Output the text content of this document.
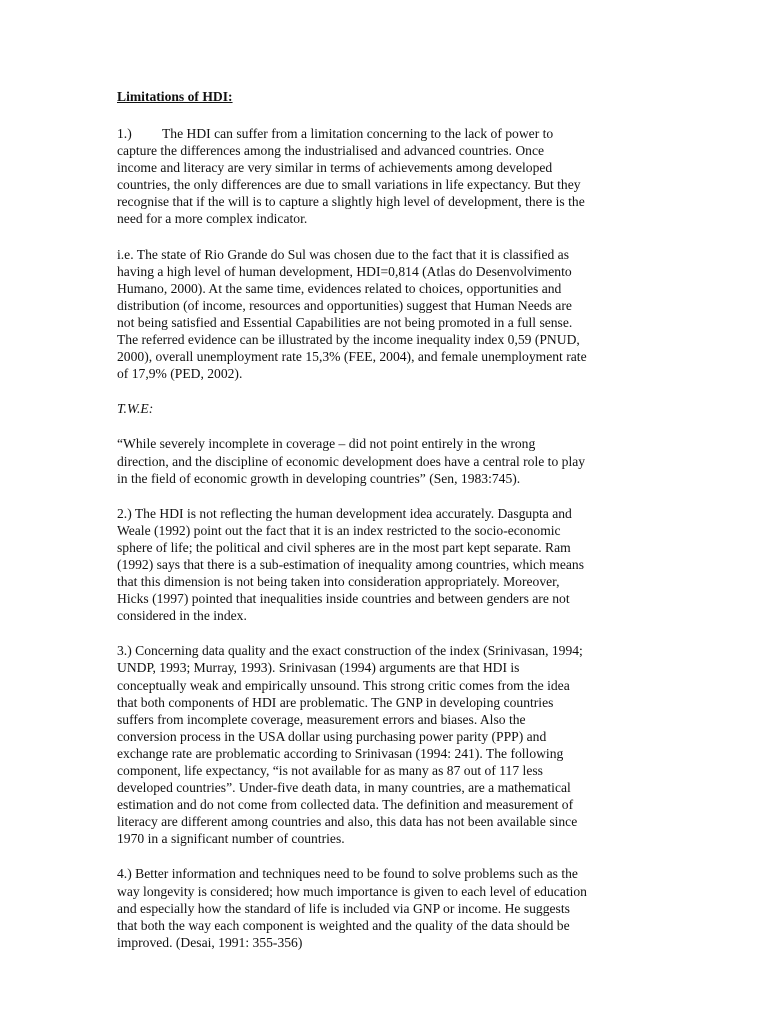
Limitations of HDI:
1.) The HDI can suffer from a limitation concerning to the lack of power to
capture the differences among the industrialised and advanced countries. Once
income and literacy are very similar in terms of achievements among developed
countries, the only differences are due to small variations in life expectancy. But they
recognise that if the will is to capture a slightly high level of development, there is the
need for a more complex indicator.
i.e. The state of Rio Grande do Sul was chosen due to the fact that it is classified as
having a high level of human development, HDI=0,814 (Atlas do Desenvolvimento
Humano, 2000). At the same time, evidences related to choices, opportunities and
distribution (of income, resources and opportunities) suggest that Human Needs are
not being satisfied and Essential Capabilities are not being promoted in a full sense.
The referred evidence can be illustrated by the income inequality index 0,59 (PNUD,
2000), overall unemployment rate 15,3% (FEE, 2004), and female unemployment rate
of 17,9% (PED, 2002).
T.W.E:
“While severely incomplete in coverage – did not point entirely in the wrong
direction, and the discipline of economic development does have a central role to play
in the field of economic growth in developing countries” (Sen, 1983:745).
2.) The HDI is not reflecting the human development idea accurately. Dasgupta and
Weale (1992) point out the fact that it is an index restricted to the socio-economic
sphere of life; the political and civil spheres are in the most part kept separate. Ram
(1992) says that there is a sub-estimation of inequality among countries, which means
that this dimension is not being taken into consideration appropriately. Moreover,
Hicks (1997) pointed that inequalities inside countries and between genders are not
considered in the index.
3.) Concerning data quality and the exact construction of the index (Srinivasan, 1994;
UNDP, 1993; Murray, 1993). Srinivasan (1994) arguments are that HDI is
conceptually weak and empirically unsound. This strong critic comes from the idea
that both components of HDI are problematic. The GNP in developing countries
suffers from incomplete coverage, measurement errors and biases. Also the
conversion process in the USA dollar using purchasing power parity (PPP) and
exchange rate are problematic according to Srinivasan (1994: 241). The following
component, life expectancy, “is not available for as many as 87 out of 117 less
developed countries”. Under-five death data, in many countries, are a mathematical
estimation and do not come from collected data. The definition and measurement of
literacy are different among countries and also, this data has not been available since
1970 in a significant number of countries.
4.) Better information and techniques need to be found to solve problems such as the
way longevity is considered; how much importance is given to each level of education
and especially how the standard of life is included via GNP or income. He suggests
that both the way each component is weighted and the quality of the data should be
improved. (Desai, 1991: 355-356)
